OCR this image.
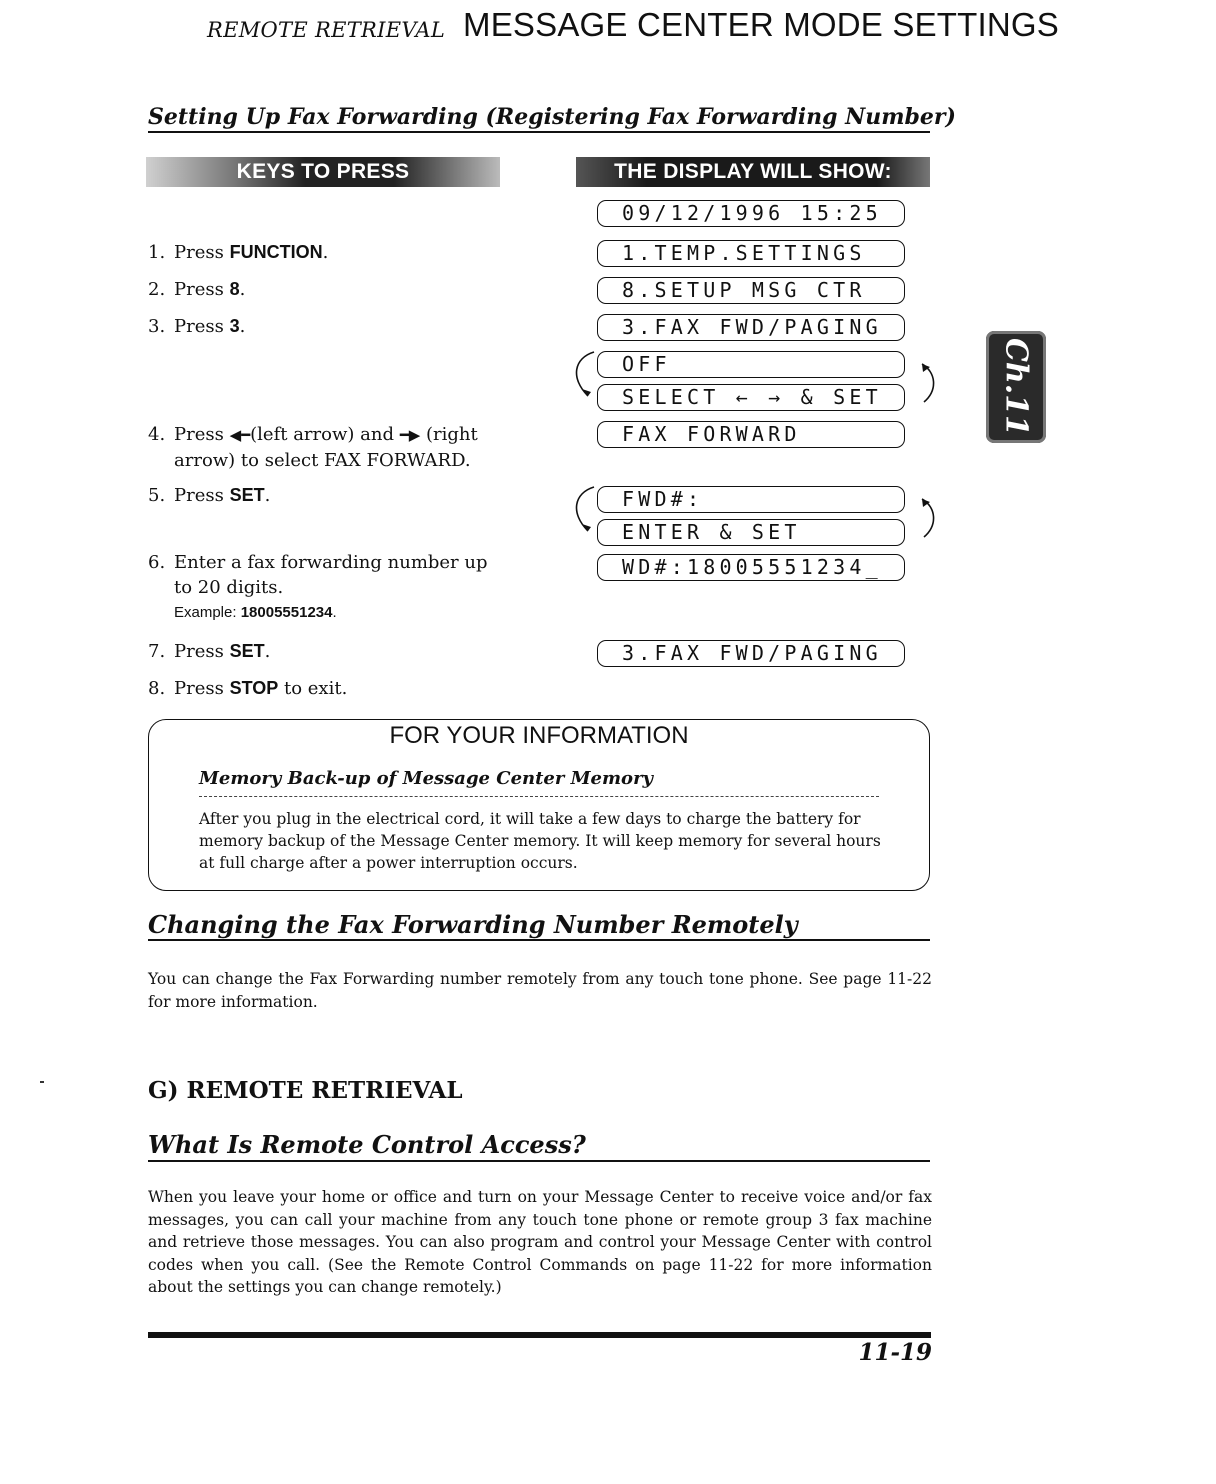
REMOTE RETRIEVAL MESSAGE CENTER MODE SETTINGS
Setting Up Fax Forwarding (Registering Fax Forwarding Number)
KEYS TO PRESS	THE DISPLAY WILL SHOW:
09/12/1996 15:25
1.TEMP.SETTINGS
8.SETUP MSG CTR
3.FAX FWD/PAGING
OFF
SELECT ← → & SET
FAX FORWARD
FWD#:
ENTER & SET
WD#:18005551234_
3.FAX FWD/PAGING
1. Press FUNCTION.
2. Press 8.
3. Press 3.
4. Press ◀━(left arrow) and ━▶ (right
arrow) to select FAX FORWARD.
5. Press SET.
6. Enter a fax forwarding number up
to 20 digits.
Example: 18005551234.
7. Press SET.
8. Press STOP to exit.
FOR YOUR INFORMATION
Memory Back-up of Message Center Memory
After you plug in the electrical cord, it will take a few days to charge the battery for memory backup of the Message Center memory. It will keep memory for several hours at full charge after a power interruption occurs.
Changing the Fax Forwarding Number Remotely
You can change the Fax Forwarding number remotely from any touch tone phone. See page 11-22 for more information.
G) REMOTE RETRIEVAL
What Is Remote Control Access?
When you leave your home or office and turn on your Message Center to receive voice and/or fax messages, you can call your machine from any touch tone phone or remote group 3 fax machine and retrieve those messages. You can also program and control your Message Center with control codes when you call. (See the Remote Control Commands on page 11-22 for more information about the settings you can change remotely.)
11-19
Ch.11
